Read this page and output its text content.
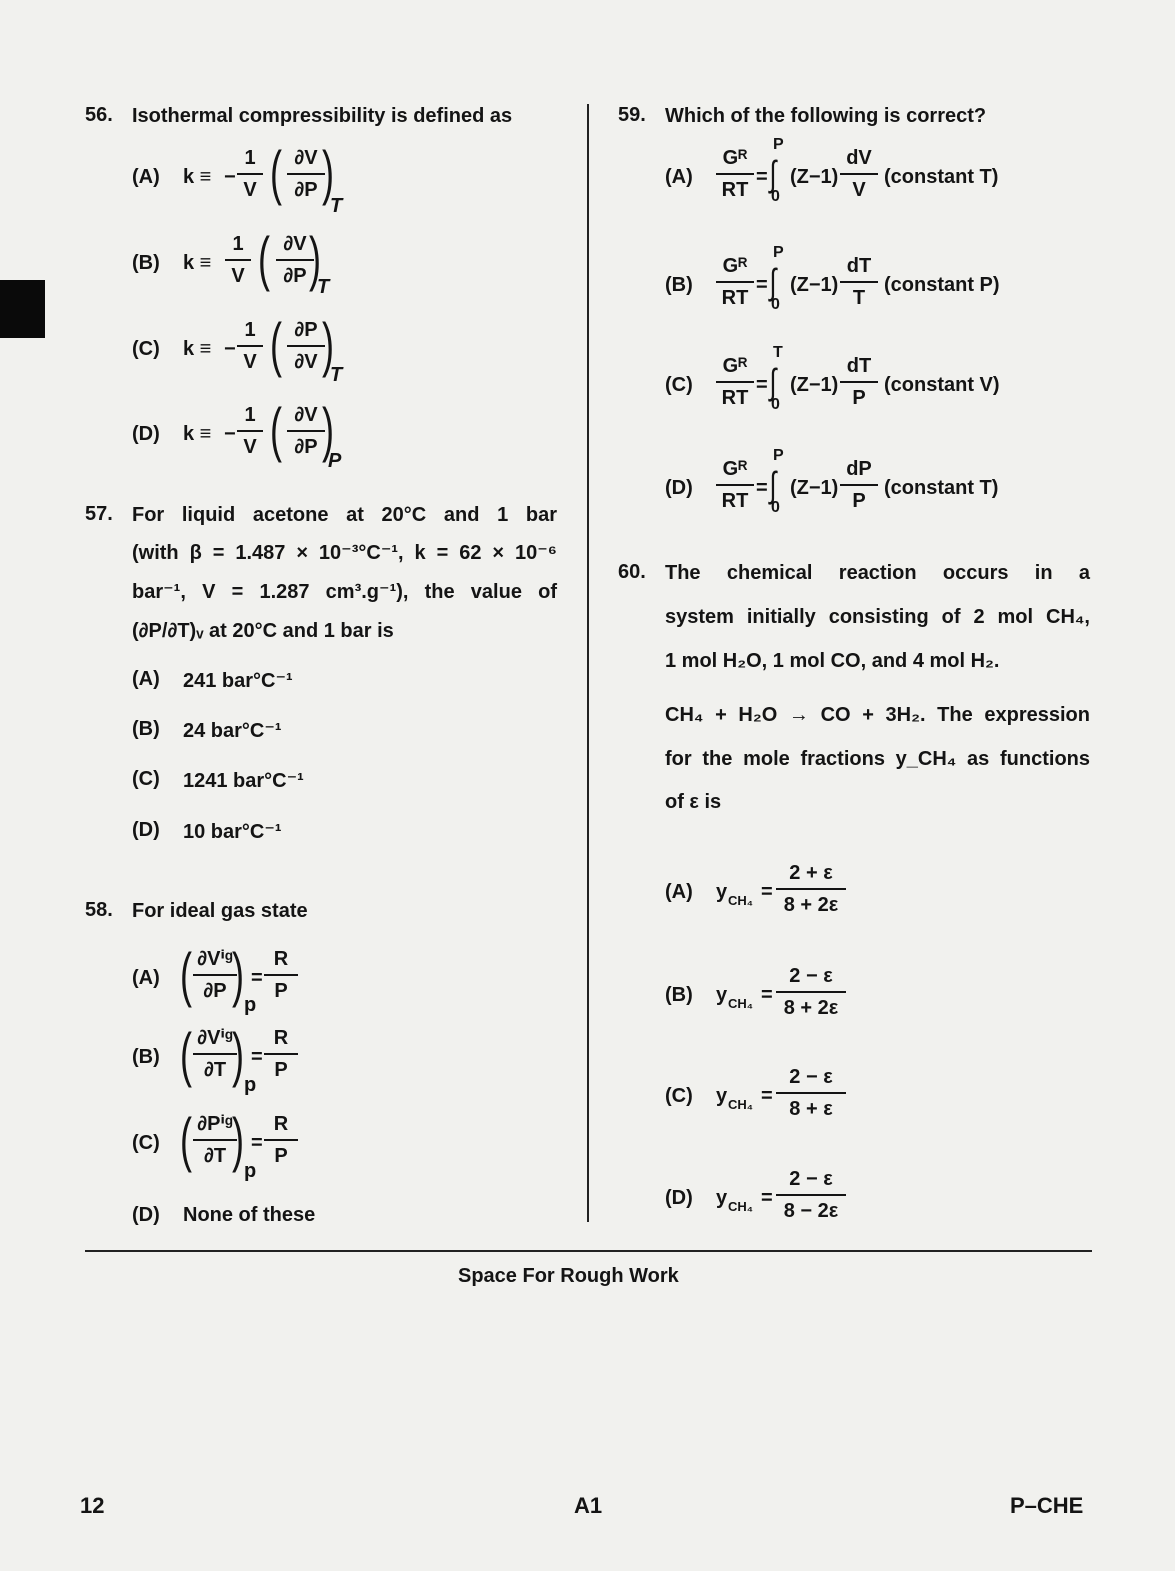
56. Isothermal compressibility is defined as
(A) k ≡ −
1
V ( ∂V
∂P )
T
(B) k ≡
1
V ( ∂V
∂P )
T
(C) k ≡ −
1
V ( ∂P
∂V )
T
(D) k ≡ −
1
V ( ∂V
∂P )
P
57. For liquid acetone at 20°C and 1 bar
(with β = 1.487 × 10⁻³°C⁻¹, k = 62 × 10⁻⁶
bar⁻¹, V = 1.287 cm³.g⁻¹), the value of
(∂P/∂T)ᵥ at 20°C and 1 bar is
(A) 241 bar°C⁻¹
(B) 24 bar°C⁻¹
(C) 1241 bar°C⁻¹
(D) 10 bar°C⁻¹
58. For ideal gas state
(A) ( ∂Vⁱᵍ
∂P ) p
=
R
P
(B) ( ∂Vⁱᵍ
∂T ) p
=
R
P
(C) ( ∂Pⁱᵍ
∂T ) p
=
R
P
(D) None of these
59. Which of the following is correct?
(A)
Gᴿ
RT
=
P
∫
0
(Z−1)
dV
V
(constant T)
(B)
Gᴿ
RT
=
P
∫
0
(Z−1)
dT
T
(constant P)
(C)
Gᴿ
RT
=
T
∫
0
(Z−1)
dT
P
(constant V)
(D)
Gᴿ
RT
=
P
∫
0
(Z−1)
dP
P
(constant T)
60. The chemical reaction occurs in a
system initially consisting of 2 mol CH₄,
1 mol H₂O, 1 mol CO, and 4 mol H₂.
CH₄ + H₂O → CO + 3H₂. The expression
for the mole fractions y_CH₄ as functions
of ε is
(A) y CH₄ =
2 + ε
8 + 2ε
(B) y CH₄ =
2 − ε
8 + 2ε
(C) y CH₄ =
2 − ε
8 + ε
(D) y CH₄ =
2 − ε
8 − 2ε
Space For Rough Work
12	A1	P–CHE
